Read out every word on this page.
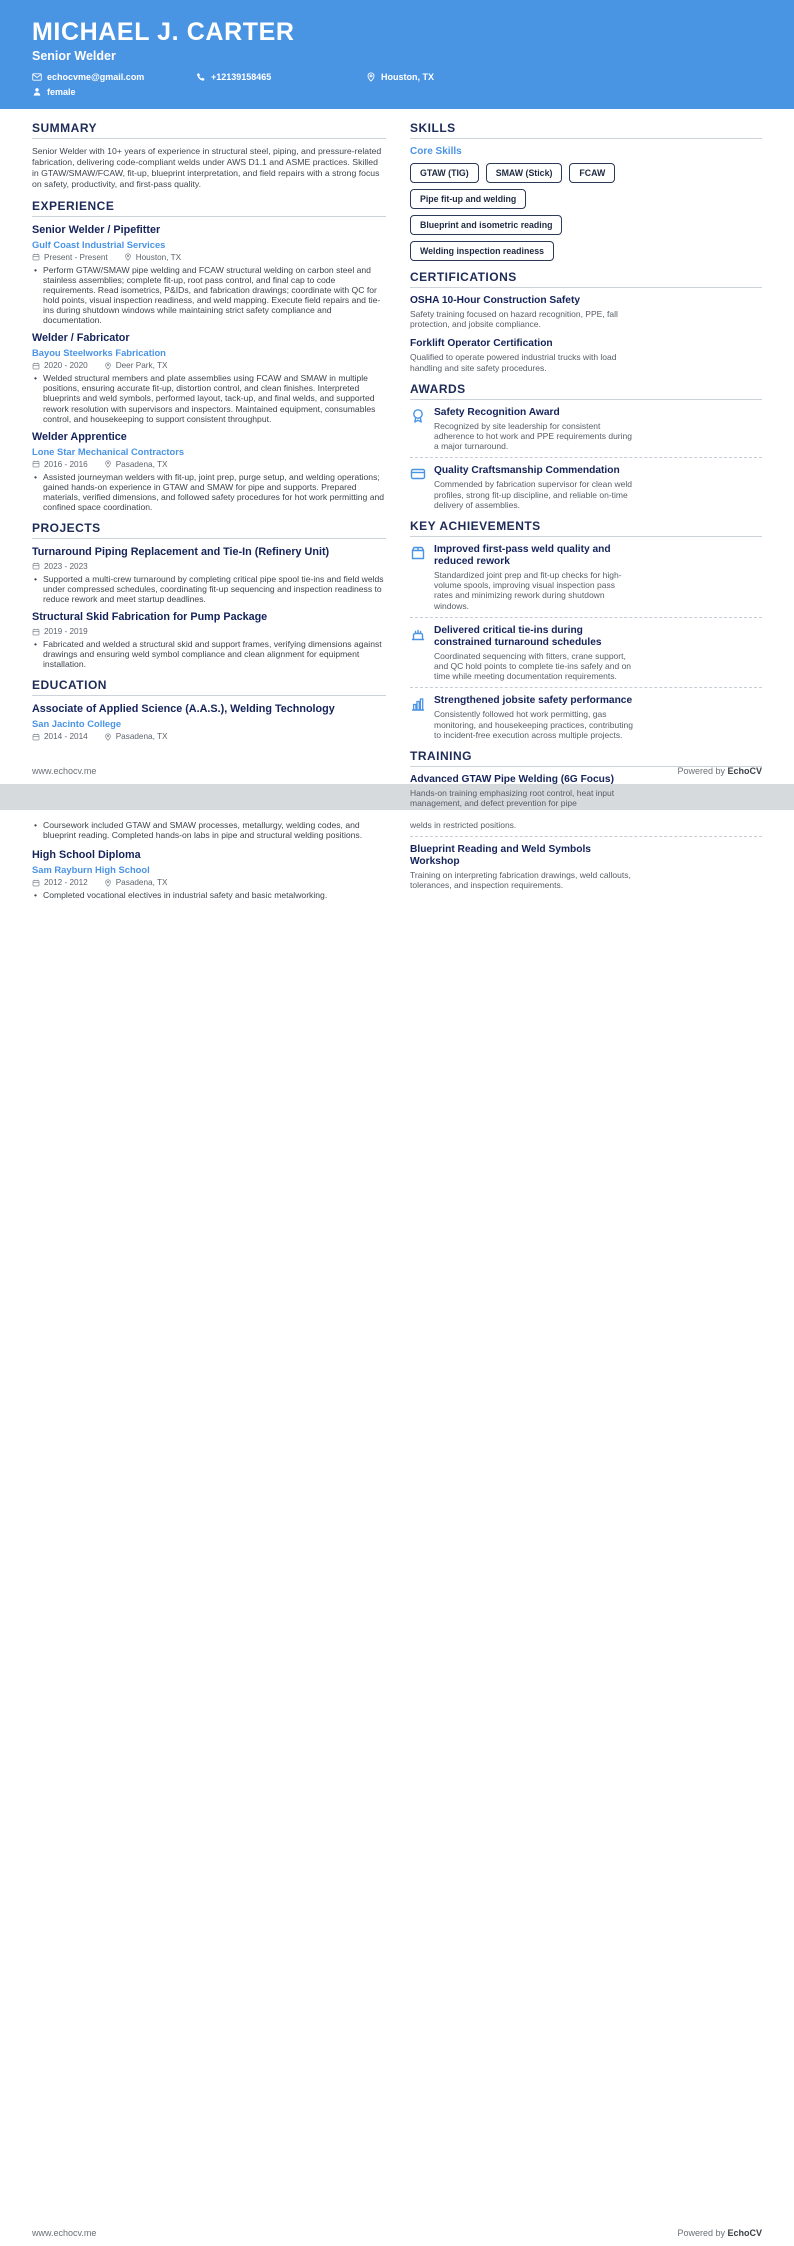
MICHAEL J. CARTER
Senior Welder
echocvme@gmail.com	+12139158465	Houston, TX
female
SUMMARY

Senior Welder with 10+ years of experience in structural steel, piping, and pressure-related fabrication, delivering code-compliant welds under AWS D1.1 and ASME practices. Skilled in GTAW/SMAW/FCAW, fit-up, blueprint interpretation, and field repairs with a strong focus on safety, productivity, and first-pass quality.

EXPERIENCE
Senior Welder / Pipefitter
Gulf Coast Industrial Services
Present - Present	Houston, TX
• Perform GTAW/SMAW pipe welding and FCAW structural welding on carbon steel and stainless assemblies; complete fit-up, root pass control, and final cap to code requirements. Read isometrics, P&IDs, and fabrication drawings; coordinate with QC for hold points, visual inspection readiness, and weld mapping. Execute field repairs and tie-ins during shutdown windows while maintaining strict safety compliance and documentation.
Welder / Fabricator
Bayou Steelworks Fabrication
2020 - 2020	Deer Park, TX
• Welded structural members and plate assemblies using FCAW and SMAW in multiple positions, ensuring accurate fit-up, distortion control, and clean finishes. Interpreted blueprints and weld symbols, performed layout, tack-up, and final welds, and supported rework resolution with supervisors and inspectors. Maintained equipment, consumables control, and housekeeping to support consistent throughput.
Welder Apprentice
Lone Star Mechanical Contractors
2016 - 2016	Pasadena, TX
• Assisted journeyman welders with fit-up, joint prep, purge setup, and welding operations; gained hands-on experience in GTAW and SMAW for pipe and supports. Prepared materials, verified dimensions, and followed safety procedures for hot work permitting and confined space coordination.
PROJECTS
Turnaround Piping Replacement and Tie-In (Refinery Unit)
2023 - 2023
• Supported a multi-crew turnaround by completing critical pipe spool tie-ins and field welds under compressed schedules, coordinating fit-up sequencing and inspection readiness to reduce rework and meet startup deadlines.
Structural Skid Fabrication for Pump Package
2019 - 2019
• Fabricated and welded a structural skid and support frames, verifying dimensions against drawings and ensuring weld symbol compliance and clean alignment for equipment installation.
EDUCATION
Associate of Applied Science (A.A.S.), Welding Technology
San Jacinto College
2014 - 2014	Pasadena, TX
SKILLS
Core Skills
GTAW (TIG)	SMAW (Stick)	FCAW
Pipe fit-up and welding
Blueprint and isometric reading
Welding inspection readiness
CERTIFICATIONS
OSHA 10-Hour Construction Safety

Safety training focused on hazard recognition, PPE, fall protection, and jobsite compliance.

Forklift Operator Certification

Qualified to operate powered industrial trucks with load handling and site safety procedures.

AWARDS
Safety Recognition Award

Recognized by site leadership for consistent adherence to hot work and PPE requirements during a major turnaround.

Quality Craftsmanship Commendation

Commended by fabrication supervisor for clean weld profiles, strong fit-up discipline, and reliable on-time delivery of assemblies.

KEY ACHIEVEMENTS
Improved first-pass weld quality and reduced rework

Standardized joint prep and fit-up checks for high-volume spools, improving visual inspection pass rates and minimizing rework during shutdown windows.

Delivered critical tie-ins during constrained turnaround schedules

Coordinated sequencing with fitters, crane support, and QC hold points to complete tie-ins safely and on time while meeting documentation requirements.

Strengthened jobsite safety performance

Consistently followed hot work permitting, gas monitoring, and housekeeping practices, contributing to incident-free execution across multiple projects.

TRAINING
Advanced GTAW Pipe Welding (6G Focus)

Hands-on training emphasizing root control, heat input management, and defect prevention for pipe

www.echocv.me	Powered by EchoCV
• Coursework included GTAW and SMAW processes, metallurgy, welding codes, and blueprint reading. Completed hands-on labs in pipe and structural welding positions.
High School Diploma
Sam Rayburn High School
2012 - 2012	Pasadena, TX
• Completed vocational electives in industrial safety and basic metalworking.

welds in restricted positions.

Blueprint Reading and Weld Symbols Workshop

Training on interpreting fabrication drawings, weld callouts, tolerances, and inspection requirements.

www.echocv.me	Powered by EchoCV
